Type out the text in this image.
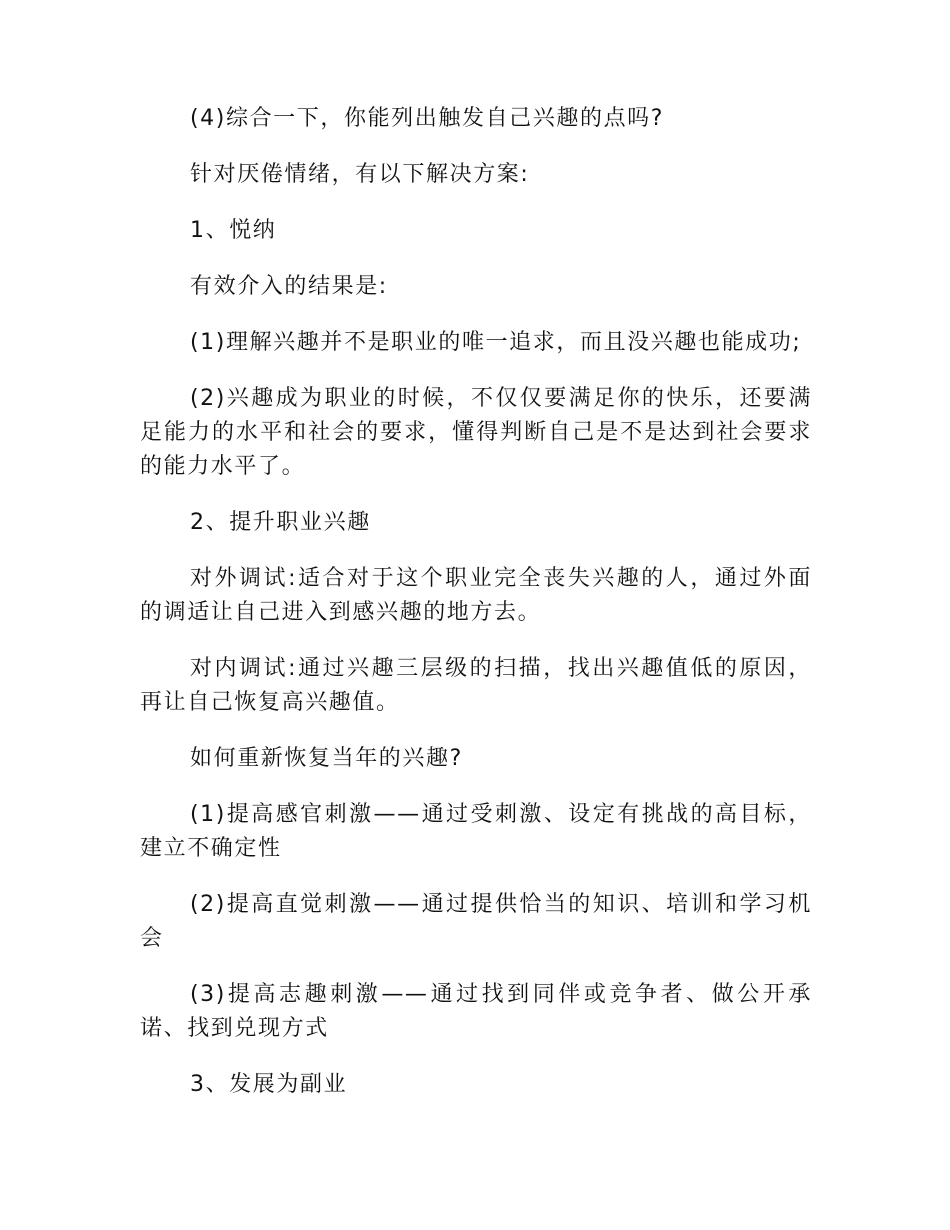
(4)综合一下，你能列出触发自己兴趣的点吗?

针对厌倦情绪，有以下解决方案:

1、悦纳

有效介入的结果是:

(1)理解兴趣并不是职业的唯一追求，而且没兴趣也能成功;

(2)兴趣成为职业的时候，不仅仅要满足你的快乐，还要满足能力的水平和社会的要求，懂得判断自己是不是达到社会要求的能力水平了。

2、提升职业兴趣

对外调试:适合对于这个职业完全丧失兴趣的人，通过外面的调适让自己进入到感兴趣的地方去。

对内调试:通过兴趣三层级的扫描，找出兴趣值低的原因，再让自己恢复高兴趣值。

如何重新恢复当年的兴趣?

(1)提高感官刺激——通过受刺激、设定有挑战的高目标，建立不确定性

(2)提高直觉刺激——通过提供恰当的知识、培训和学习机会

(3)提高志趣刺激——通过找到同伴或竞争者、做公开承诺、找到兑现方式

3、发展为副业
